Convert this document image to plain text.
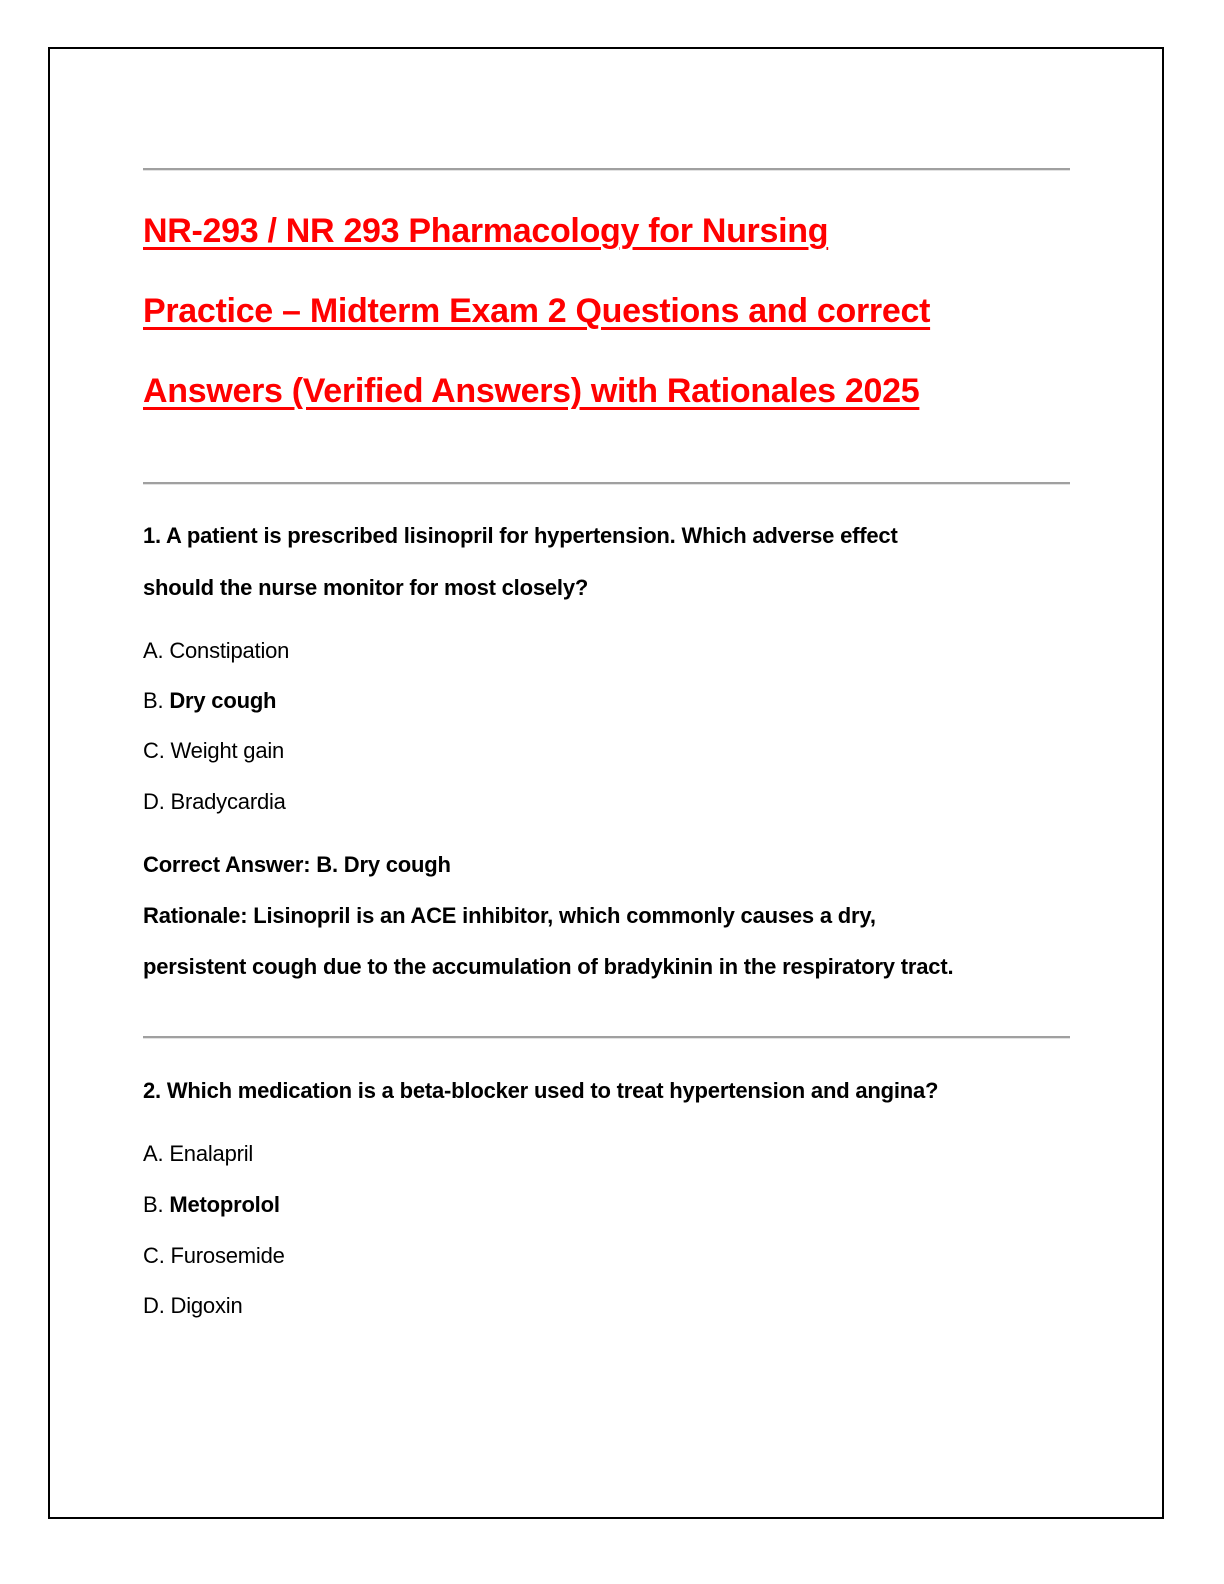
NR-293 / NR 293 Pharmacology for Nursing
Practice – Midterm Exam 2 Questions and correct
Answers (Verified Answers) with Rationales 2025
1. A patient is prescribed lisinopril for hypertension. Which adverse effect
should the nurse monitor for most closely?
A. Constipation
B. Dry cough
C. Weight gain
D. Bradycardia
Correct Answer: B. Dry cough
Rationale: Lisinopril is an ACE inhibitor, which commonly causes a dry,
persistent cough due to the accumulation of bradykinin in the respiratory tract.
2. Which medication is a beta-blocker used to treat hypertension and angina?
A. Enalapril
B. Metoprolol
C. Furosemide
D. Digoxin
